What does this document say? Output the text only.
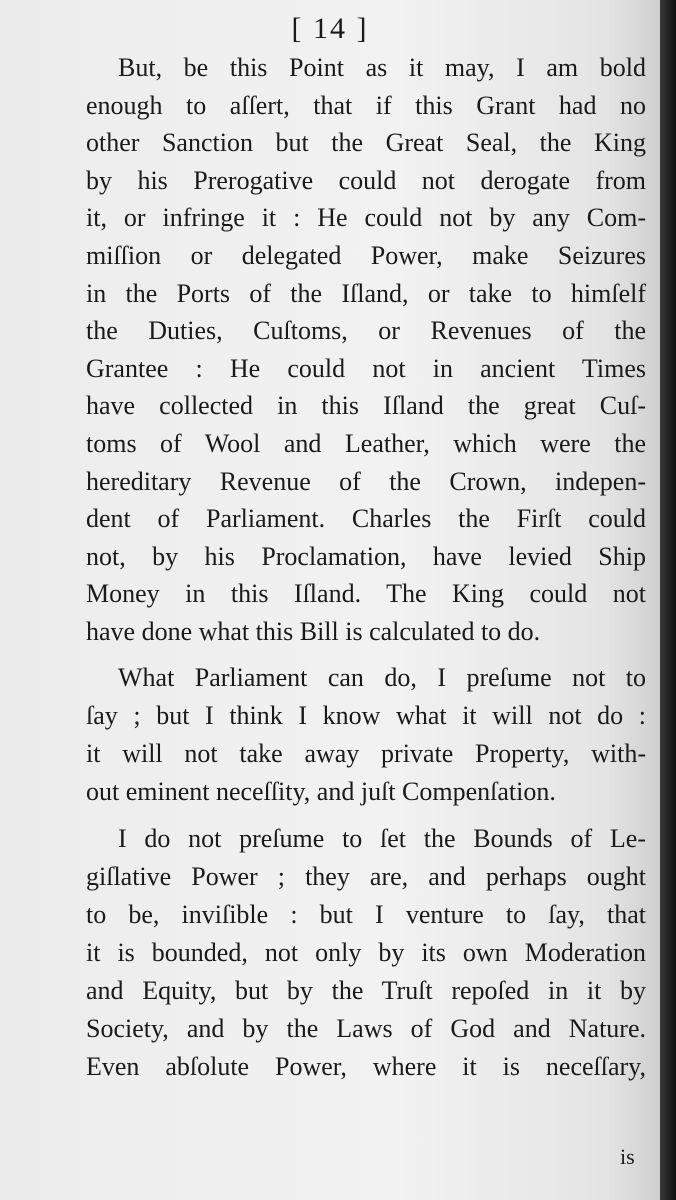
[ 14 ]
But, be this Point as it may, I am bold
enough to aſſert, that if this Grant had no
other Sanction but the Great Seal, the King
by his Prerogative could not derogate from
it, or infringe it : He could not by any Com-
miſſion or delegated Power, make Seizures
in the Ports of the Iſland, or take to himſelf
the Duties, Cuſtoms, or Revenues of the
Grantee : He could not in ancient Times
have collected in this Iſland the great Cuſ-
toms of Wool and Leather, which were the
hereditary Revenue of the Crown, indepen-
dent of Parliament. Charles the Firſt could
not, by his Proclamation, have levied Ship
Money in this Iſland. The King could not
have done what this Bill is calculated to do.
What Parliament can do, I preſume not to
ſay ; but I think I know what it will not do :
it will not take away private Property, with-
out eminent neceſſity, and juſt Compenſation.
I do not preſume to ſet the Bounds of Le-
giſlative Power ; they are, and perhaps ought
to be, inviſible : but I venture to ſay, that
it is bounded, not only by its own Moderation
and Equity, but by the Truſt repoſed in it by
Society, and by the Laws of God and Nature.
Even abſolute Power, where it is neceſſary,
is
